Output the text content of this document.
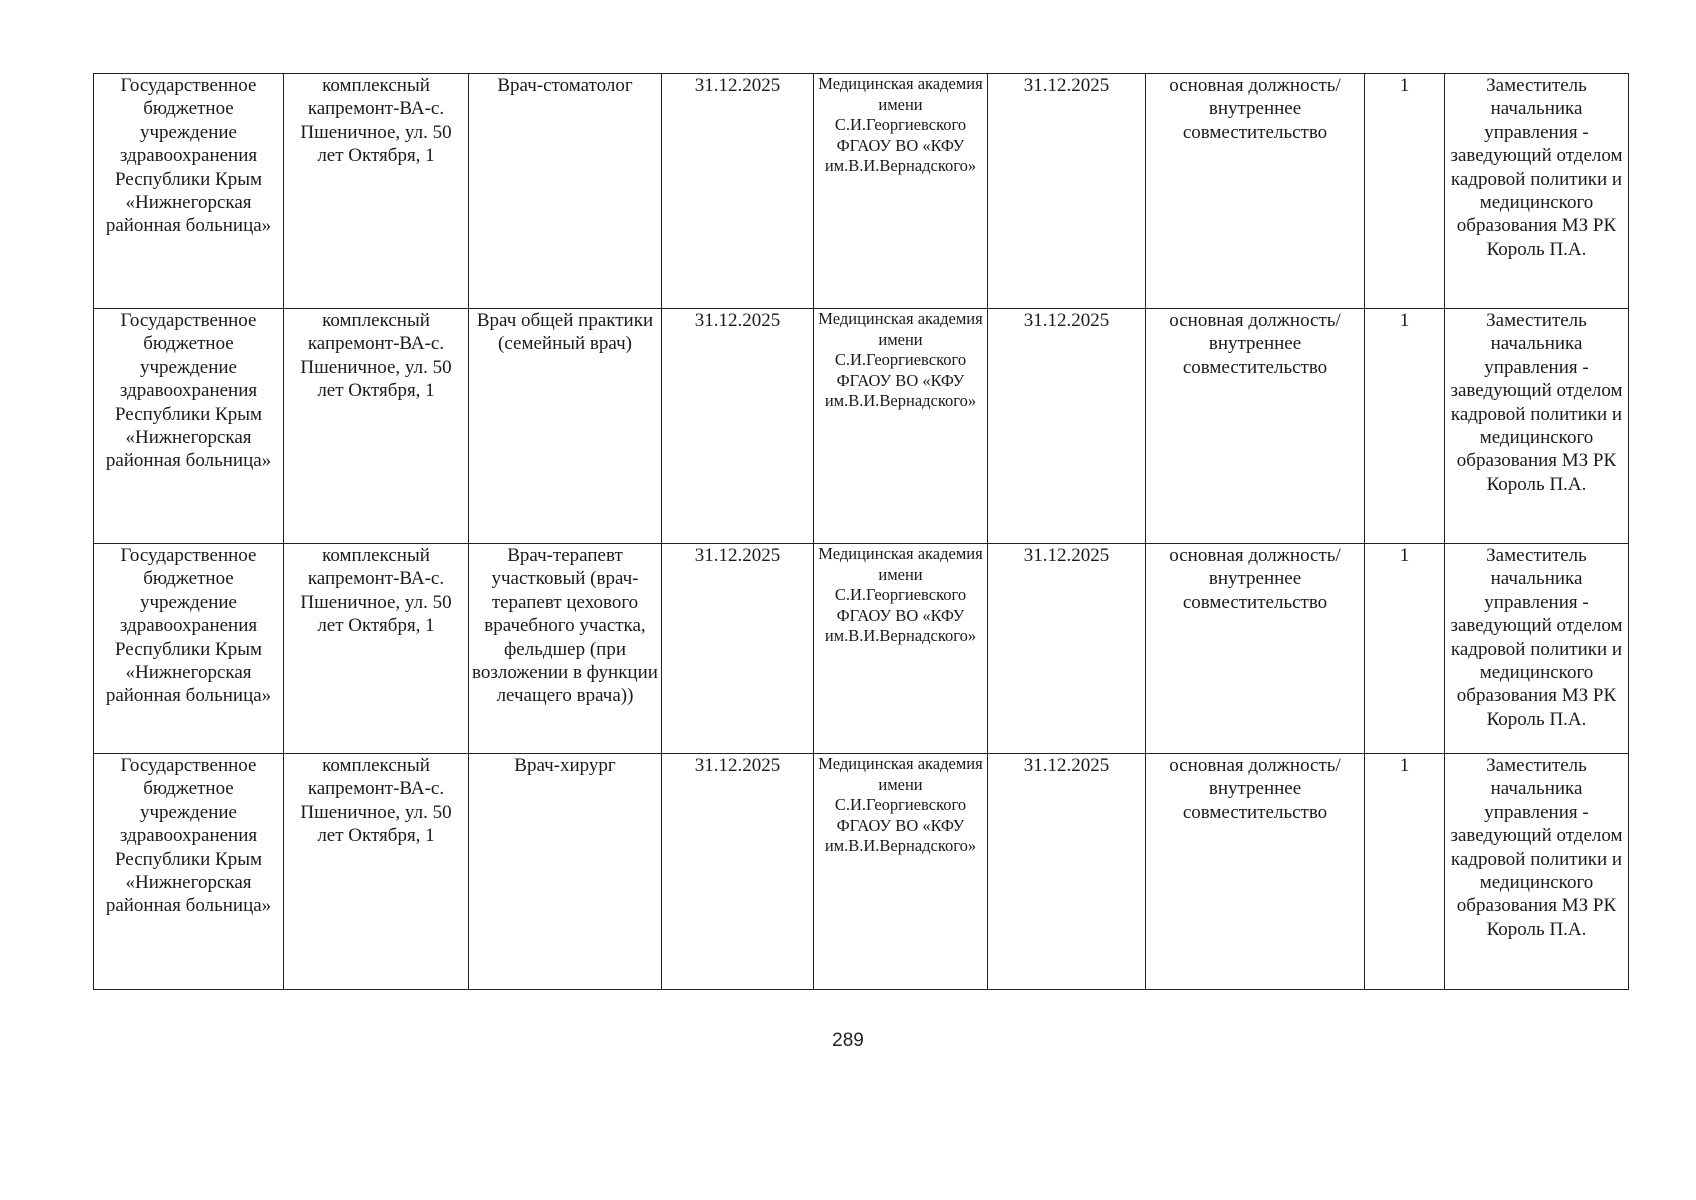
Государственное бюджетное учреждение здравоохранения Республики Крым «Нижнегорская районная больница»	комплексный капремонт-ВА-с. Пшеничное, ул. 50 лет Октября, 1	Врач-стоматолог	31.12.2025	Медицинская академия имени С.И.Георгиевского ФГАОУ ВО «КФУ им.В.И.Вернадского»	31.12.2025	основная должность/ внутреннее совместительство	1	Заместитель начальника управления - заведующий отделом кадровой политики и медицинского образования МЗ РК Король П.А.
Государственное бюджетное учреждение здравоохранения Республики Крым «Нижнегорская районная больница»	комплексный капремонт-ВА-с. Пшеничное, ул. 50 лет Октября, 1	Врач общей практики (семейный врач)	31.12.2025	Медицинская академия имени С.И.Георгиевского ФГАОУ ВО «КФУ им.В.И.Вернадского»	31.12.2025	основная должность/ внутреннее совместительство	1	Заместитель начальника управления - заведующий отделом кадровой политики и медицинского образования МЗ РК Король П.А.
Государственное бюджетное учреждение здравоохранения Республики Крым «Нижнегорская районная больница»	комплексный капремонт-ВА-с. Пшеничное, ул. 50 лет Октября, 1	Врач-терапевт участковый (врач-терапевт цехового врачебного участка, фельдшер (при возложении в функции лечащего врача))	31.12.2025	Медицинская академия имени С.И.Георгиевского ФГАОУ ВО «КФУ им.В.И.Вернадского»	31.12.2025	основная должность/ внутреннее совместительство	1	Заместитель начальника управления - заведующий отделом кадровой политики и медицинского образования МЗ РК Король П.А.
Государственное бюджетное учреждение здравоохранения Республики Крым «Нижнегорская районная больница»	комплексный капремонт-ВА-с. Пшеничное, ул. 50 лет Октября, 1	Врач-хирург	31.12.2025	Медицинская академия имени С.И.Георгиевского ФГАОУ ВО «КФУ им.В.И.Вернадского»	31.12.2025	основная должность/ внутреннее совместительство	1	Заместитель начальника управления - заведующий отделом кадровой политики и медицинского образования МЗ РК Король П.А.
289
